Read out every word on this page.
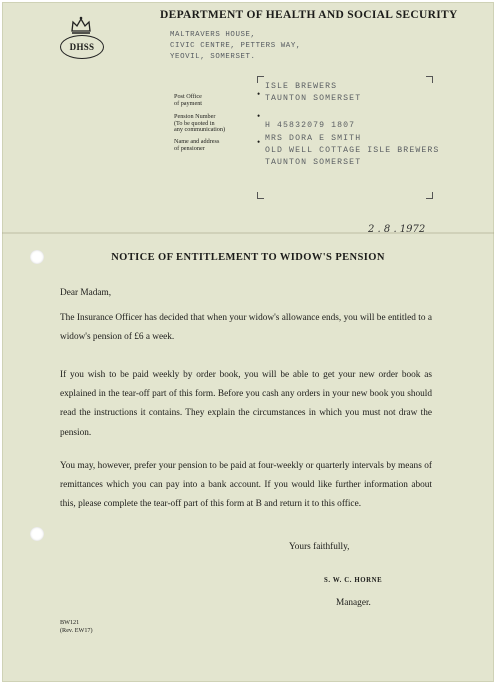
DHSS
DEPARTMENT OF HEALTH AND SOCIAL SECURITY
MALTRAVERS HOUSE,
CIVIC CENTRE, PETTERS WAY,
YEOVIL, SOMERSET.
Post Office
of payment
Pension Number
(To be quoted in
any communication)
Name and address
of pensioner
•
•
•
ISLE BREWERS
TAUNTON SOMERSET
H 45832079 1807
MRS DORA E SMITH
OLD WELL COTTAGE ISLE BREWERS
TAUNTON SOMERSET
2 . 8 . 1972
NOTICE OF ENTITLEMENT TO WIDOW'S PENSION
Dear Madam,
The Insurance Officer has decided that when your widow's allowance ends, you will be entitled to a widow's pension of £6 a week.
If you wish to be paid weekly by order book, you will be able to get your new order book as explained in the tear-off part of this form. Before you cash any orders in your new book you should read the instructions it contains. They explain the circumstances in which you must not draw the pension.
You may, however, prefer your pension to be paid at four-weekly or quarterly intervals by means of remittances which you can pay into a bank account. If you would like further information about this, please complete the tear-off part of this form at B and return it to this office.
Yours faithfully,
S. W. C. HORNE
Manager.
BW121
(Rev. EW17)
